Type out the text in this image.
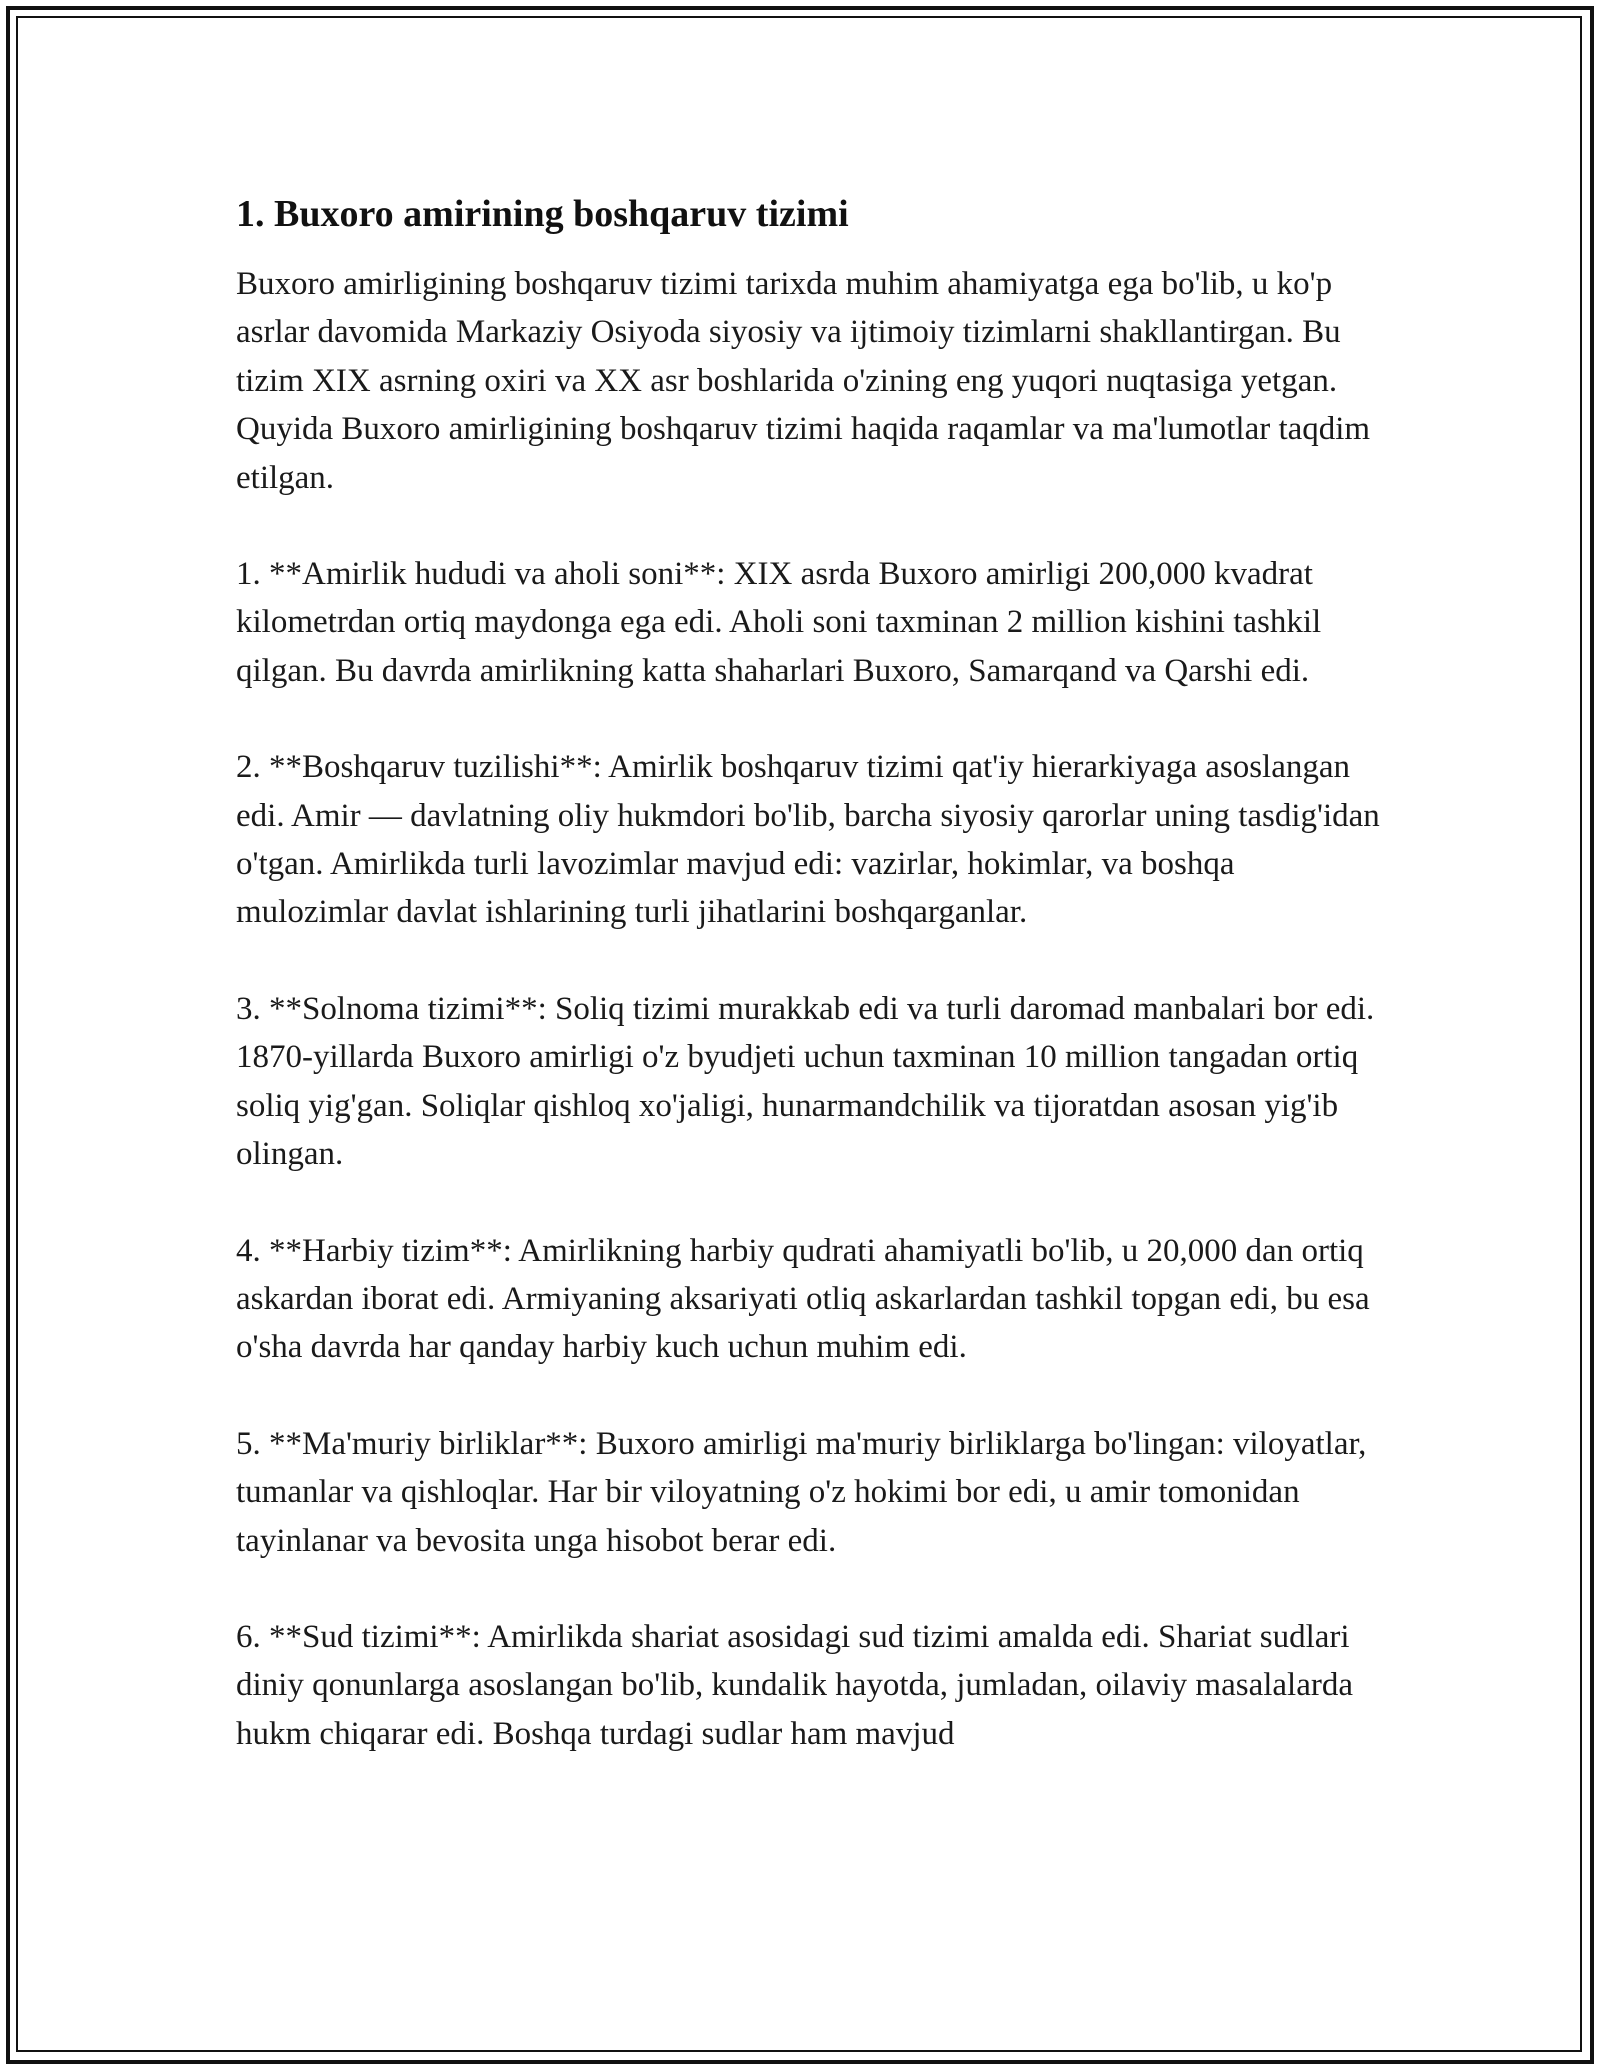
1. Buxoro amirining boshqaruv tizimi

Buxoro amirligining boshqaruv tizimi tarixda muhim ahamiyatga ega bo'lib, u ko'p asrlar davomida Markaziy Osiyoda siyosiy va ijtimoiy tizimlarni shakllantirgan. Bu tizim XIX asrning oxiri va XX asr boshlarida o'zining eng yuqori nuqtasiga yetgan. Quyida Buxoro amirligining boshqaruv tizimi haqida raqamlar va ma'lumotlar taqdim etilgan.

1. **Amirlik hududi va aholi soni**: XIX asrda Buxoro amirligi 200,000 kvadrat kilometrdan ortiq maydonga ega edi. Aholi soni taxminan 2 million kishini tashkil qilgan. Bu davrda amirlikning katta shaharlari Buxoro, Samarqand va Qarshi edi.

2. **Boshqaruv tuzilishi**: Amirlik boshqaruv tizimi qat'iy hierarkiyaga asoslangan edi. Amir — davlatning oliy hukmdori bo'lib, barcha siyosiy qarorlar uning tasdig'idan o'tgan. Amirlikda turli lavozimlar mavjud edi: vazirlar, hokimlar, va boshqa mulozimlar davlat ishlarining turli jihatlarini boshqarganlar.

3. **Solnoma tizimi**: Soliq tizimi murakkab edi va turli daromad manbalari bor edi. 1870-yillarda Buxoro amirligi o'z byudjeti uchun taxminan 10 million tangadan ortiq soliq yig'gan. Soliqlar qishloq xo'jaligi, hunarmandchilik va tijoratdan asosan yig'ib olingan.

4. **Harbiy tizim**: Amirlikning harbiy qudrati ahamiyatli bo'lib, u 20,000 dan ortiq askardan iborat edi. Armiyaning aksariyati otliq askarlardan tashkil topgan edi, bu esa o'sha davrda har qanday harbiy kuch uchun muhim edi.

5. **Ma'muriy birliklar**: Buxoro amirligi ma'muriy birliklarga bo'lingan: viloyatlar, tumanlar va qishloqlar. Har bir viloyatning o'z hokimi bor edi, u amir tomonidan tayinlanar va bevosita unga hisobot berar edi.

6. **Sud tizimi**: Amirlikda shariat asosidagi sud tizimi amalda edi. Shariat sudlari diniy qonunlarga asoslangan bo'lib, kundalik hayotda, jumladan, oilaviy masalalarda hukm chiqarar edi. Boshqa turdagi sudlar ham mavjud
